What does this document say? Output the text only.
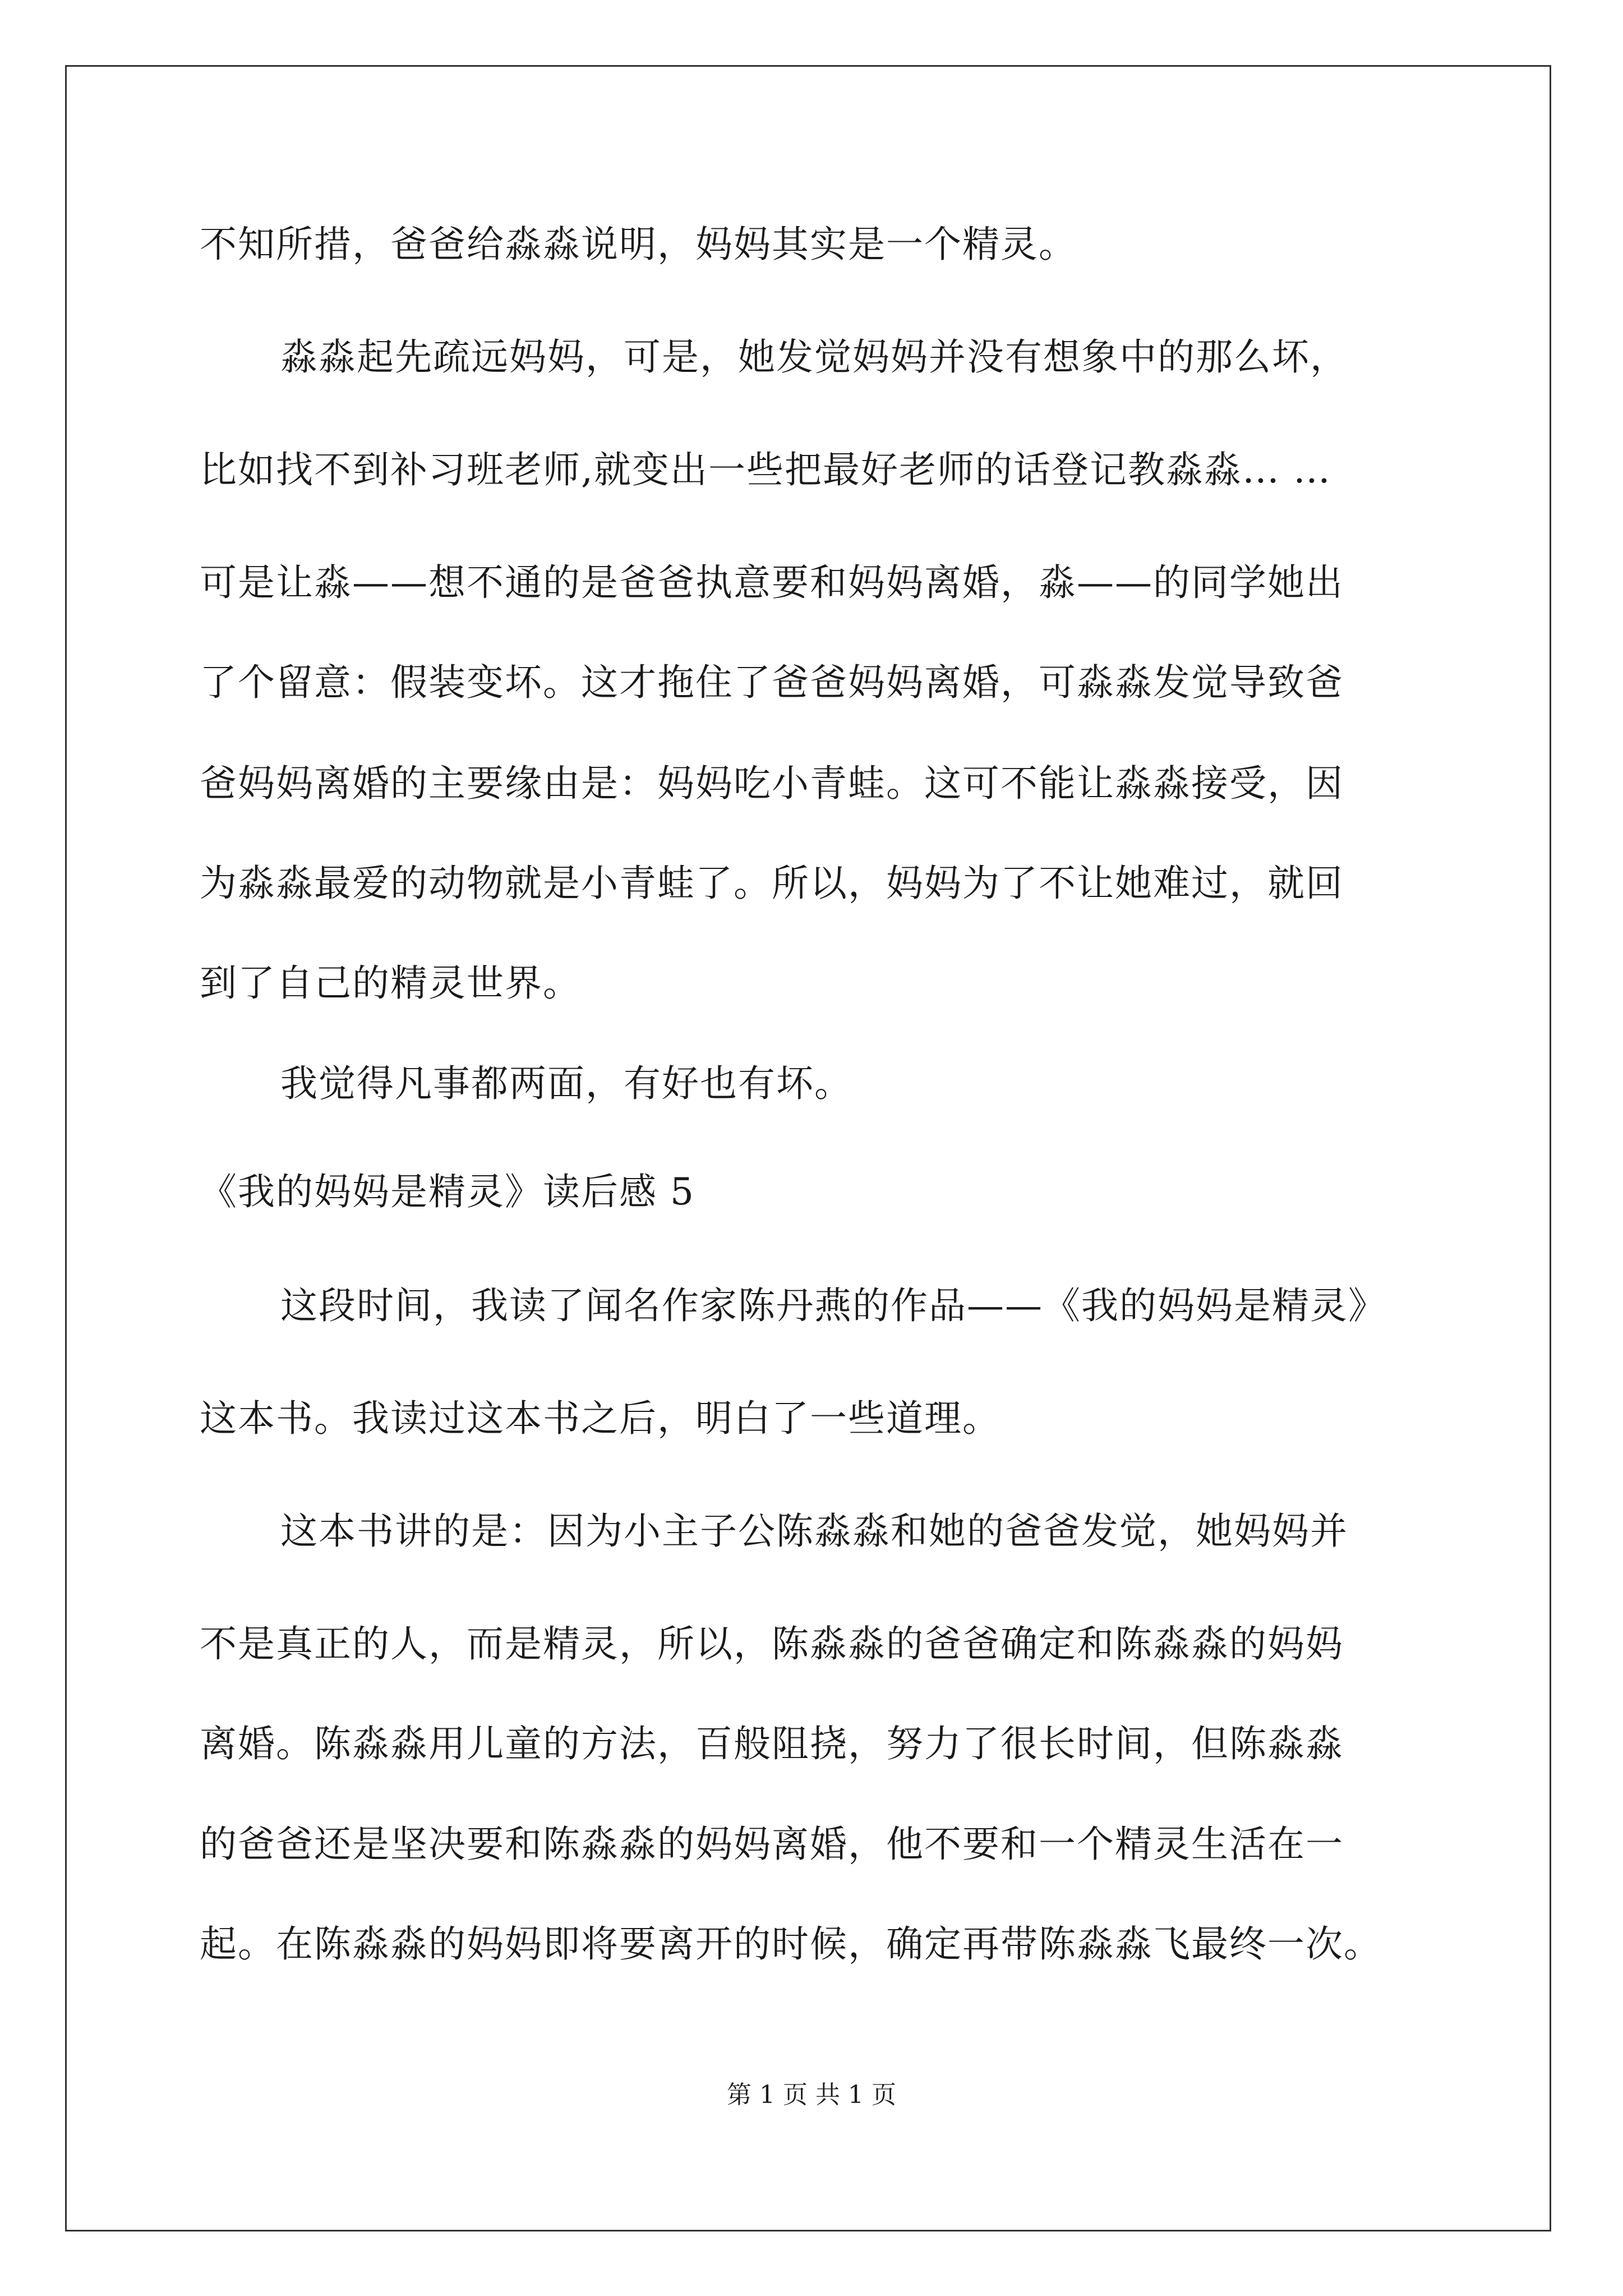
不知所措，爸爸给淼淼说明，妈妈其实是一个精灵。
淼淼起先疏远妈妈，可是，她发觉妈妈并没有想象中的那么坏，
比如找不到补习班老师,就变出一些把最好老师的话登记教淼淼… …
可是让淼——想不通的是爸爸执意要和妈妈离婚，淼——的同学她出
了个留意：假装变坏。这才拖住了爸爸妈妈离婚，可淼淼发觉导致爸
爸妈妈离婚的主要缘由是：妈妈吃小青蛙。这可不能让淼淼接受，因
为淼淼最爱的动物就是小青蛙了。所以，妈妈为了不让她难过，就回
到了自己的精灵世界。
我觉得凡事都两面，有好也有坏。
《我的妈妈是精灵》读后感 5
这段时间，我读了闻名作家陈丹燕的作品——《我的妈妈是精灵》
这本书。我读过这本书之后，明白了一些道理。
这本书讲的是：因为小主子公陈淼淼和她的爸爸发觉，她妈妈并
不是真正的人，而是精灵，所以，陈淼淼的爸爸确定和陈淼淼的妈妈
离婚。陈淼淼用儿童的方法，百般阻挠，努力了很长时间，但陈淼淼
的爸爸还是坚决要和陈淼淼的妈妈离婚，他不要和一个精灵生活在一
起。在陈淼淼的妈妈即将要离开的时候，确定再带陈淼淼飞最终一次。
第 1 页 共 1 页
